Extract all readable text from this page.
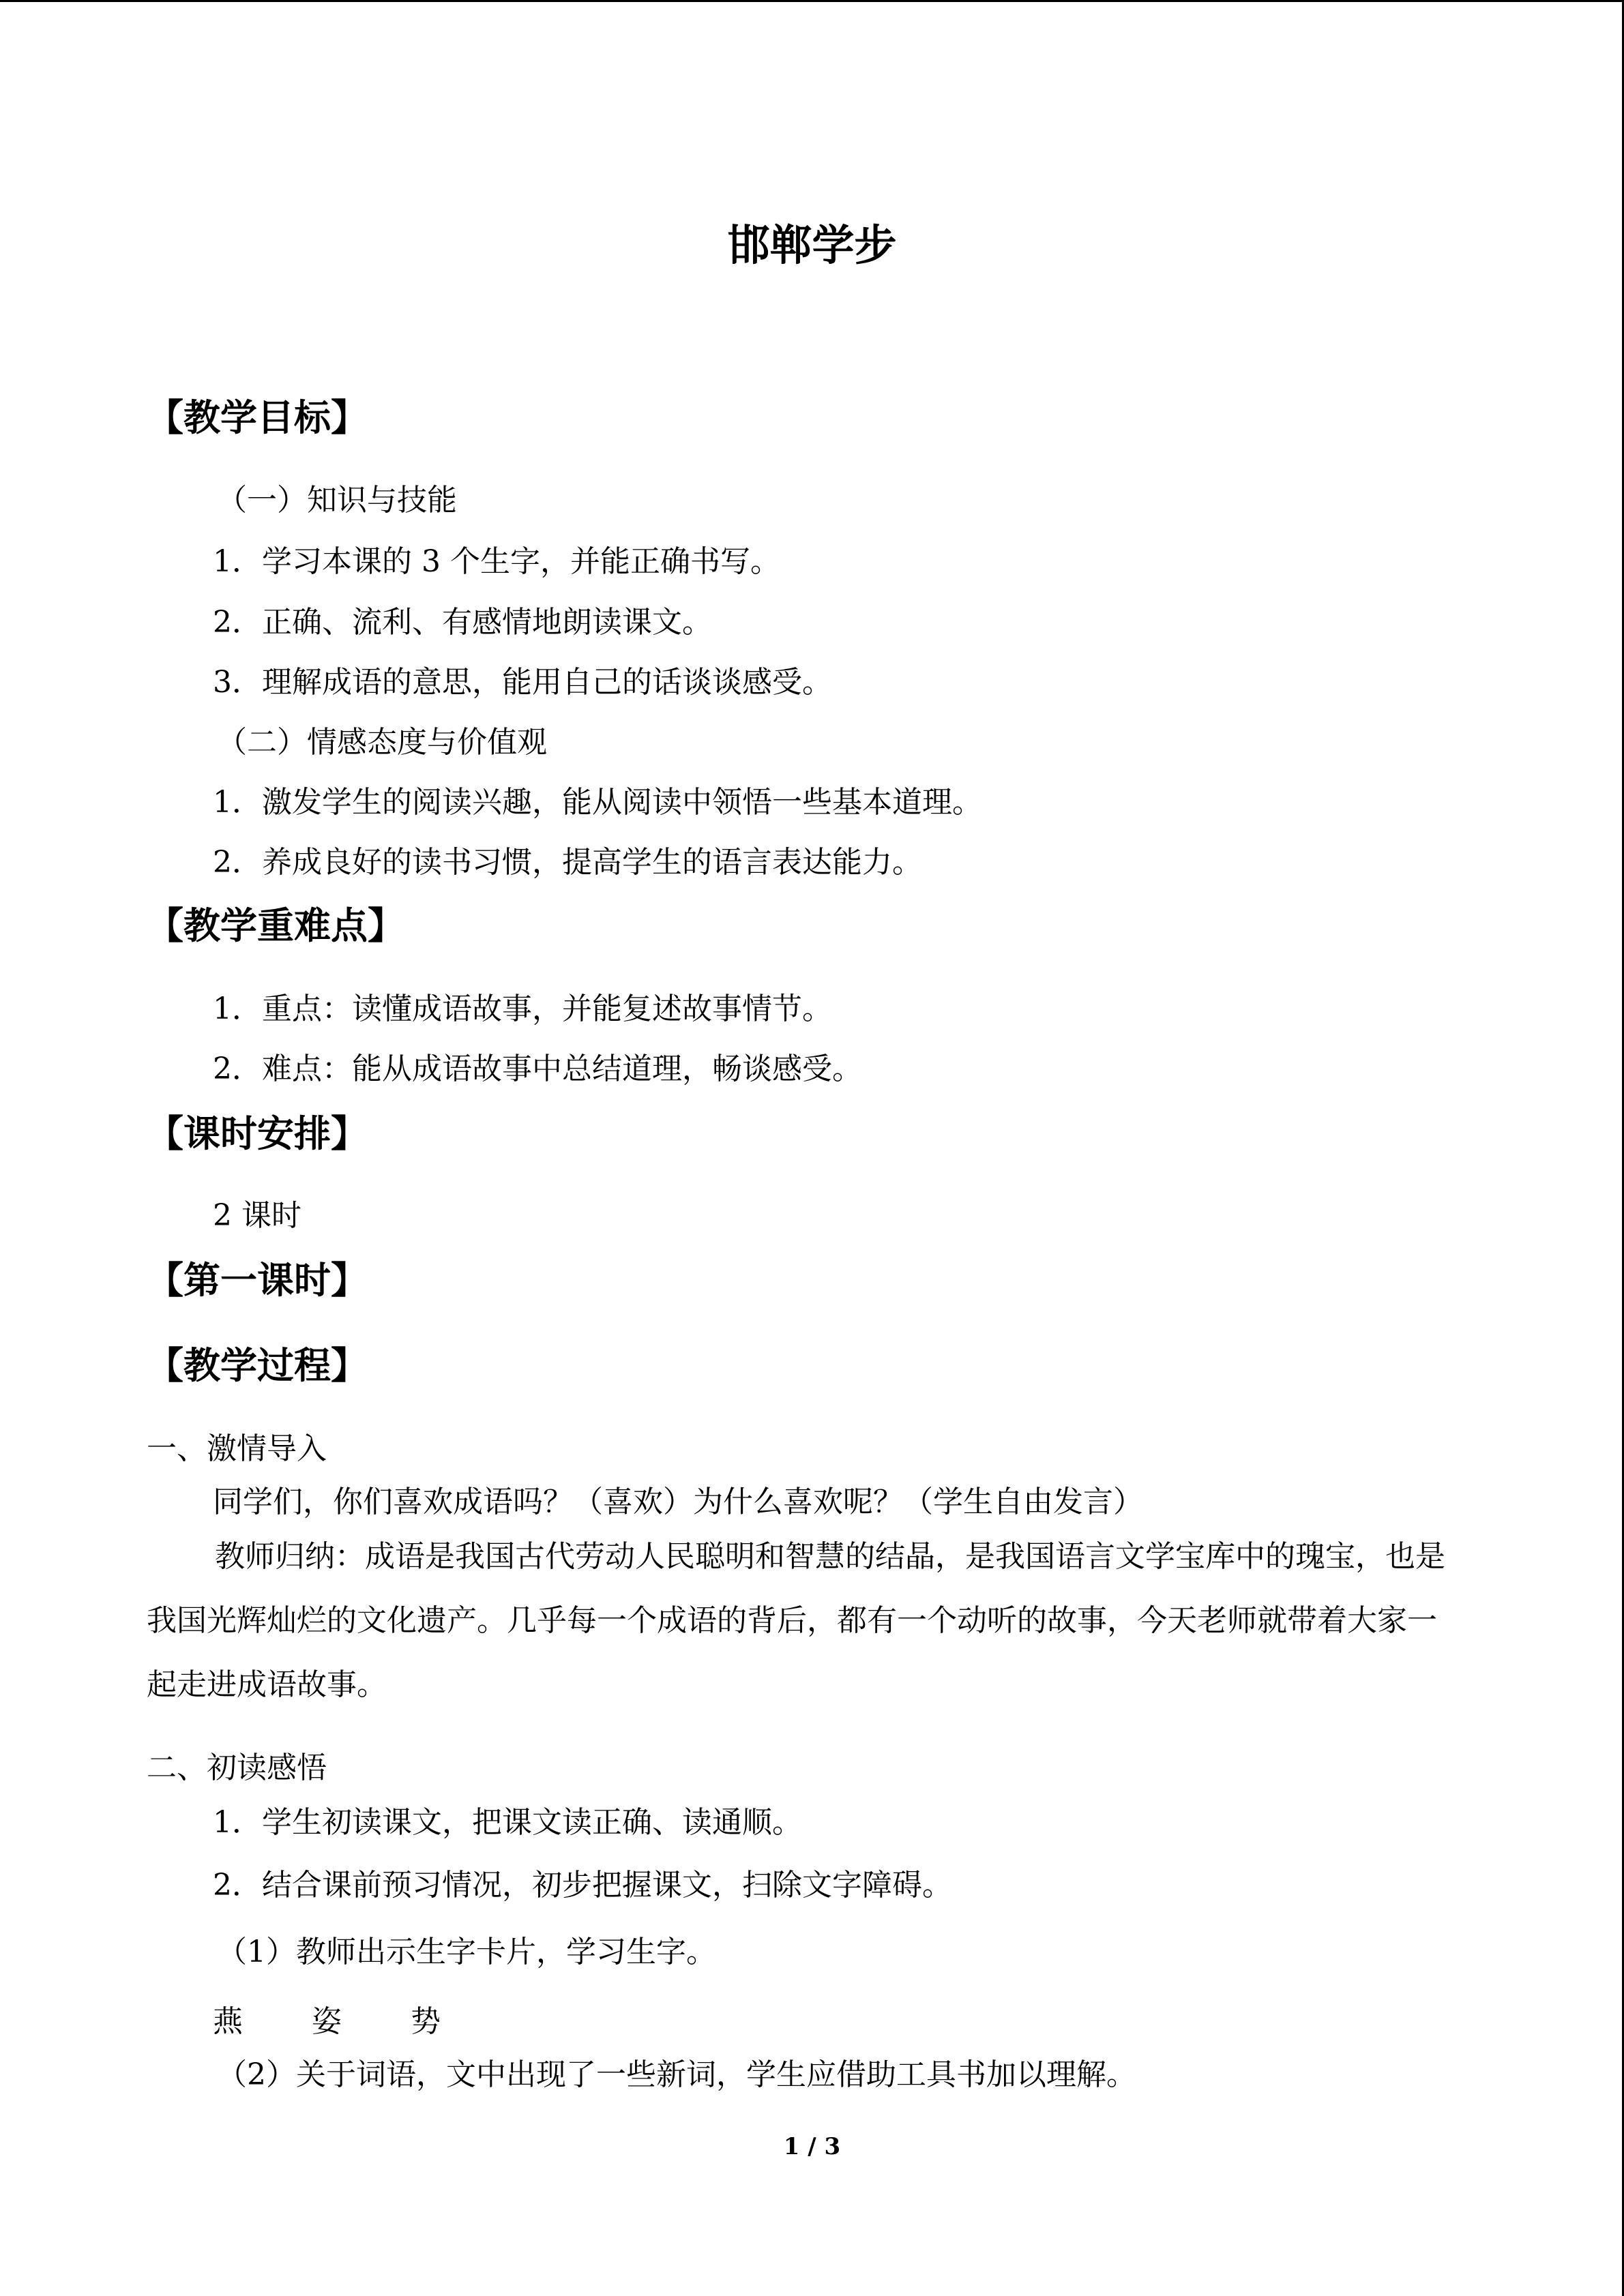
邯郸学步
【教学目标】
（一）知识与技能
1．学习本课的 3 个生字，并能正确书写。
2．正确、流利、有感情地朗读课文。
3．理解成语的意思，能用自己的话谈谈感受。
（二）情感态度与价值观
1．激发学生的阅读兴趣，能从阅读中领悟一些基本道理。
2．养成良好的读书习惯，提高学生的语言表达能力。
【教学重难点】
1．重点：读懂成语故事，并能复述故事情节。
2．难点：能从成语故事中总结道理，畅谈感受。
【课时安排】
2 课时
【第一课时】
【教学过程】
一、激情导入
同学们，你们喜欢成语吗？（喜欢）为什么喜欢呢？（学生自由发言）
教师归纳：成语是我国古代劳动人民聪明和智慧的结晶，是我国语言文学宝库中的瑰宝，也是我国光辉灿烂的文化遗产。几乎每一个成语的背后，都有一个动听的故事，今天老师就带着大家一起走进成语故事。
二、初读感悟
1．学生初读课文，把课文读正确、读通顺。
2．结合课前预习情况，初步把握课文，扫除文字障碍。
（1）教师出示生字卡片，学习生字。
燕 姿 势
（2）关于词语，文中出现了一些新词，学生应借助工具书加以理解。
1 / 3
